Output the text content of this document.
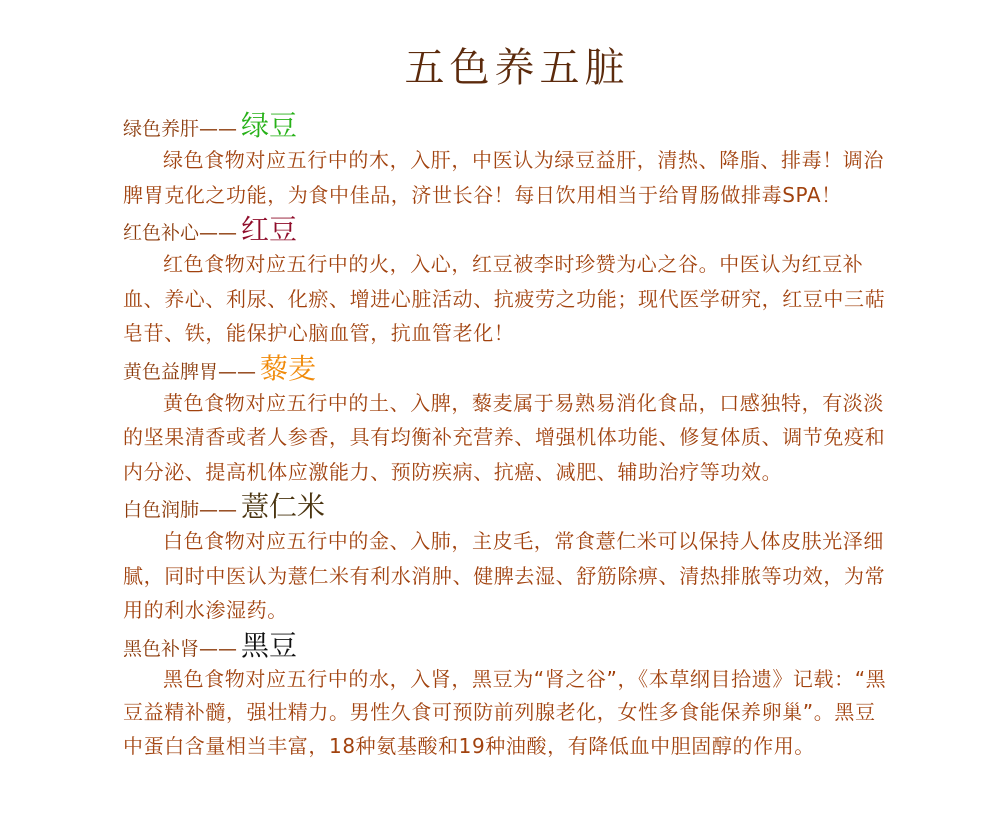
五色养五脏
绿色养肝—— 绿豆

绿色食物对应五行中的木，入肝，中医认为绿豆益肝，清热、降脂、排毒！调治脾胃克化之功能，为食中佳品，济世长谷！每日饮用相当于给胃肠做排毒SPA！

红色补心—— 红豆

红色食物对应五行中的火，入心，红豆被李时珍赞为心之谷。中医认为红豆补血、养心、利尿、化瘀、增进心脏活动、抗疲劳之功能；现代医学研究，红豆中三萜皂苷、铁，能保护心脑血管，抗血管老化！

黄色益脾胃—— 藜麦

黄色食物对应五行中的土、入脾，藜麦属于易熟易消化食品，口感独特，有淡淡的坚果清香或者人参香，具有均衡补充营养、增强机体功能、修复体质、调节免疫和内分泌、提高机体应激能力、预防疾病、抗癌、减肥、辅助治疗等功效。

白色润肺—— 薏仁米

白色食物对应五行中的金、入肺，主皮毛，常食薏仁米可以保持人体皮肤光泽细腻，同时中医认为薏仁米有利水消肿、健脾去湿、舒筋除痹、清热排脓等功效，为常用的利水渗湿药。

黑色补肾—— 黑豆

黑色食物对应五行中的水，入肾，黑豆为“肾之谷”，《本草纲目拾遗》记载：“黑豆益精补髓，强壮精力。男性久食可预防前列腺老化，女性多食能保养卵巢”。黑豆中蛋白含量相当丰富，18种氨基酸和19种油酸，有降低血中胆固醇的作用。
